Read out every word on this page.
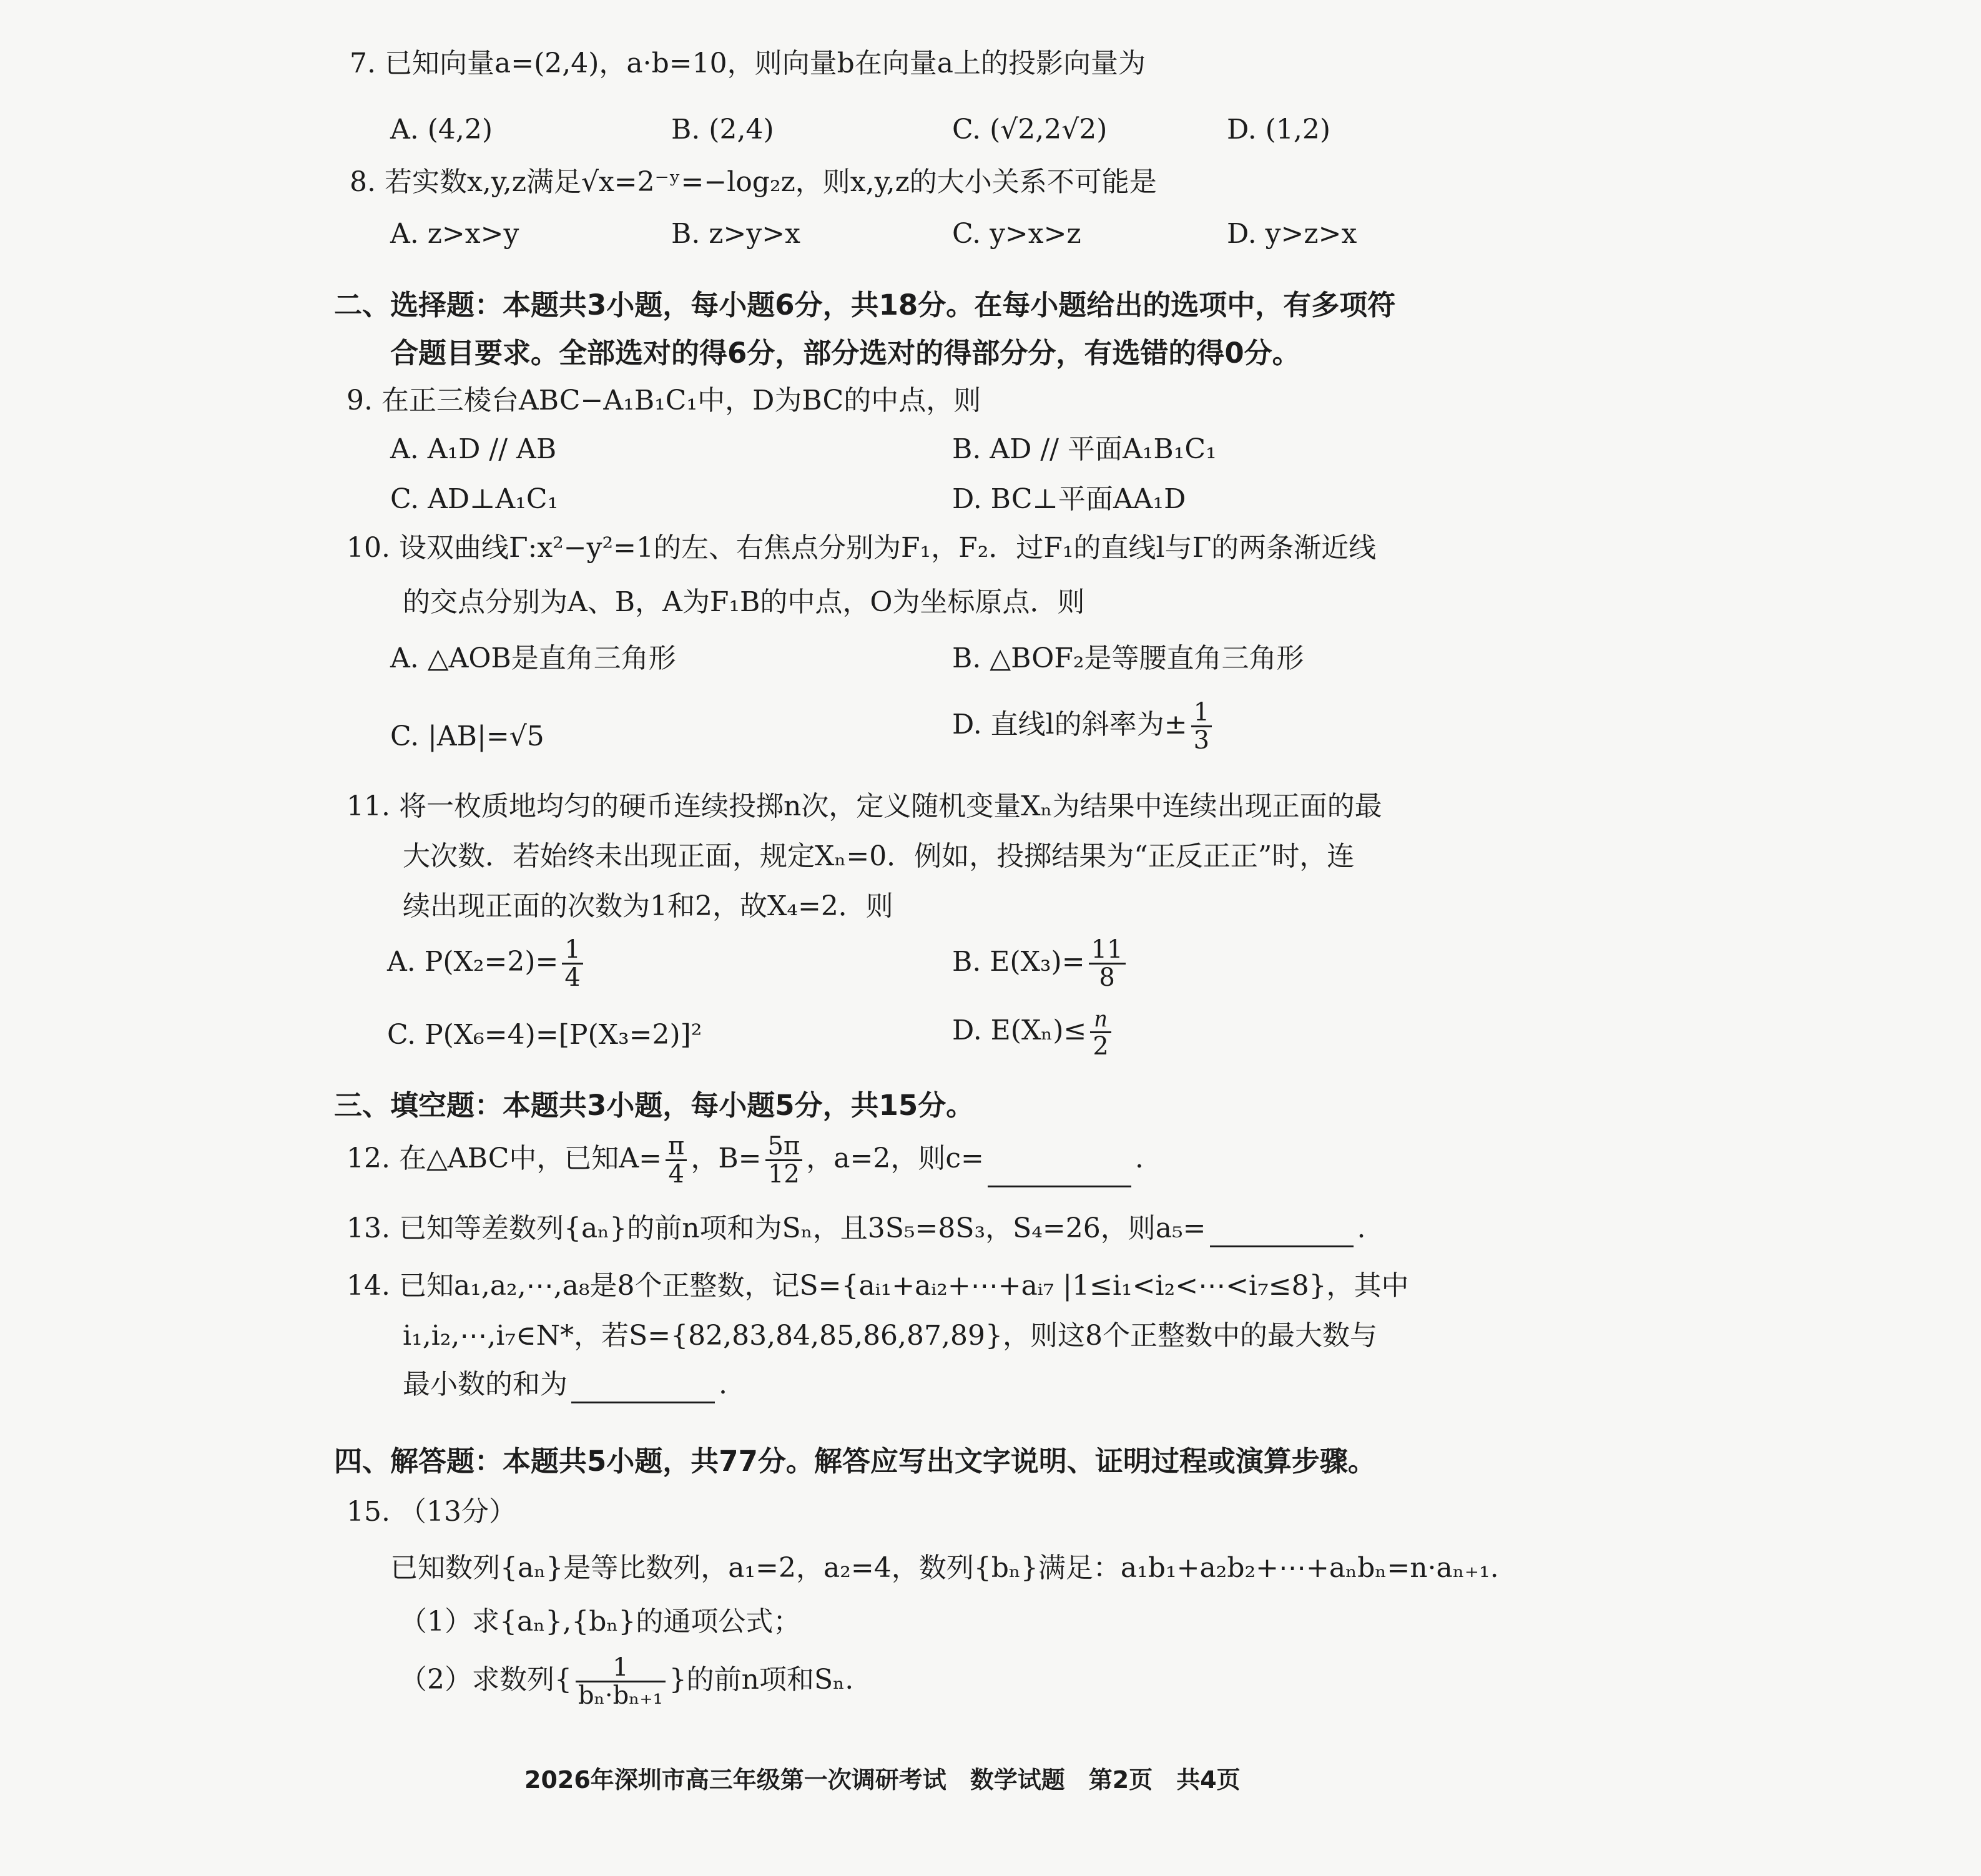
7. 已知向量a=(2,4)，a·b=10，则向量b在向量a上的投影向量为
A. (4,2)	B. (2,4)	C. (√2,2√2)	D. (1,2)
8. 若实数x,y,z满足√x=2⁻ʸ=−log₂z，则x,y,z的大小关系不可能是
A. z>x>y	B. z>y>x	C. y>x>z	D. y>z>x
二、选择题：本题共3小题，每小题6分，共18分。在每小题给出的选项中，有多项符
合题目要求。全部选对的得6分，部分选对的得部分分，有选错的得0分。
9. 在正三棱台ABC−A₁B₁C₁中，D为BC的中点，则
A. A₁D // AB	B. AD // 平面A₁B₁C₁
C. AD⊥A₁C₁	D. BC⊥平面AA₁D
10. 设双曲线Γ:x²−y²=1的左、右焦点分别为F₁，F₂．过F₁的直线l与Γ的两条渐近线
的交点分别为A、B，A为F₁B的中点，O为坐标原点．则
A. △AOB是直角三角形	B. △BOF₂是等腰直角三角形
C. |AB|=√5	D. 直线l的斜率为± $\frac{1}{3}$
11. 将一枚质地均匀的硬币连续投掷n次，定义随机变量Xₙ为结果中连续出现正面的最
大次数．若始终未出现正面，规定Xₙ=0．例如，投掷结果为“正反正正”时，连
续出现正面的次数为1和2，故X₄=2．则
A. $P(X_2=2)= \frac{1}{4}$	B. $E(X_3)= \frac{11}{8}$
C. P(X₆=4)=[P(X₃=2)]²	D. $E(X_n)\le \frac{n}{2}$
三、填空题：本题共3小题，每小题5分，共15分。
12. 在△ABC中，已知$A= \frac{\pi}{4}$ ，$B= \frac{5\pi}{12}$ ，a=2，则c=	.
13. 已知等差数列{aₙ}的前n项和为Sₙ，且3S₅=8S₃，S₄=26，则a₅=	.
14. 已知a₁,a₂,⋯,a₈是8个正整数，记S={aᵢ₁+aᵢ₂+⋯+aᵢ₇ |1≤i₁<i₂<⋯<i₇≤8}，其中
i₁,i₂,⋯,i₇∈N*，若S={82,83,84,85,86,87,89}，则这8个正整数中的最大数与
最小数的和为	.
四、解答题：本题共5小题，共77分。解答应写出文字说明、证明过程或演算步骤。
15. （13分）
已知数列{aₙ}是等比数列，a₁=2，a₂=4，数列{bₙ}满足：a₁b₁+a₂b₂+⋯+aₙbₙ=n·aₙ₊₁.
（1）求{aₙ},{bₙ}的通项公式；
（2）求数列{ $\frac{1}{\text{bₙ·bₙ₊₁}}$ }的前n项和Sₙ.
2026年深圳市高三年级第一次调研考试　数学试题　第2页　共4页
